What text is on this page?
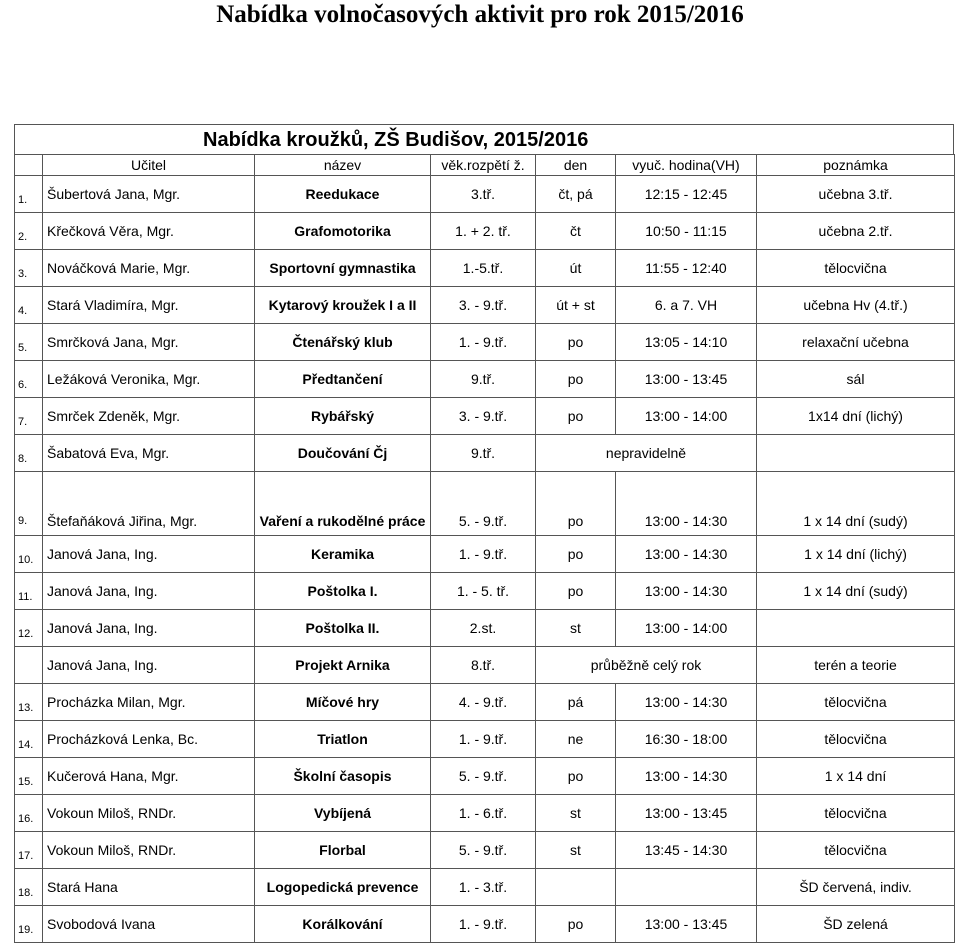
Nabídka volnočasových aktivit pro rok 2015/2016
Nabídka kroužků, ZŠ Budišov, 2015/2016
	Učitel	název	věk.rozpětí ž.	den	vyuč. hodina(VH)	poznámka
1.	Šubertová Jana, Mgr.	Reedukace	3.tř.	čt, pá	12:15 - 12:45	učebna 3.tř.
2.	Křečková Věra, Mgr.	Grafomotorika	1. + 2. tř.	čt	10:50 - 11:15	učebna 2.tř.
3.	Nováčková Marie, Mgr.	Sportovní gymnastika	1.-5.tř.	út	11:55 - 12:40	tělocvična
4.	Stará Vladimíra, Mgr.	Kytarový kroužek I a II	3. - 9.tř.	út + st	6. a 7. VH	učebna Hv (4.tř.)
5.	Smrčková Jana, Mgr.	Čtenářský klub	1. - 9.tř.	po	13:05 - 14:10	relaxační učebna
6.	Ležáková Veronika, Mgr.	Předtančení	9.tř.	po	13:00 - 13:45	sál
7.	Smrček Zdeněk, Mgr.	Rybářský	3. - 9.tř.	po	13:00 - 14:00	1x14 dní (lichý)
8.	Šabatová Eva, Mgr.	Doučování Čj	9.tř.	nepravidelně		
9.	Štefaňáková Jiřina, Mgr.	Vaření a rukodělné práce	5. - 9.tř.	po	13:00 - 14:30	1 x 14 dní (sudý)
10.	Janová Jana, Ing.	Keramika	1. - 9.tř.	po	13:00 - 14:30	1 x 14 dní (lichý)
11.	Janová Jana, Ing.	Poštolka I.	1. - 5. tř.	po	13:00 - 14:30	1 x 14 dní (sudý)
12.	Janová Jana, Ing.	Poštolka II.	2.st.	st	13:00 - 14:00	
	Janová Jana, Ing.	Projekt Arnika	8.tř.	průběžně celý rok		terén a teorie
13.	Procházka Milan, Mgr.	Míčové hry	4. - 9.tř.	pá	13:00 - 14:30	tělocvična
14.	Procházková Lenka, Bc.	Triatlon	1. - 9.tř.	ne	16:30 - 18:00	tělocvična
15.	Kučerová Hana, Mgr.	Školní časopis	5. - 9.tř.	po	13:00 - 14:30	1 x 14 dní
16.	Vokoun Miloš, RNDr.	Vybíjená	1. - 6.tř.	st	13:00 - 13:45	tělocvična
17.	Vokoun Miloš, RNDr.	Florbal	5. - 9.tř.	st	13:45 - 14:30	tělocvična
18.	Stará Hana	Logopedická prevence	1. - 3.tř.			ŠD červená, indiv.
19.	Svobodová Ivana	Korálkování	1. - 9.tř.	po	13:00 - 13:45	ŠD zelená
